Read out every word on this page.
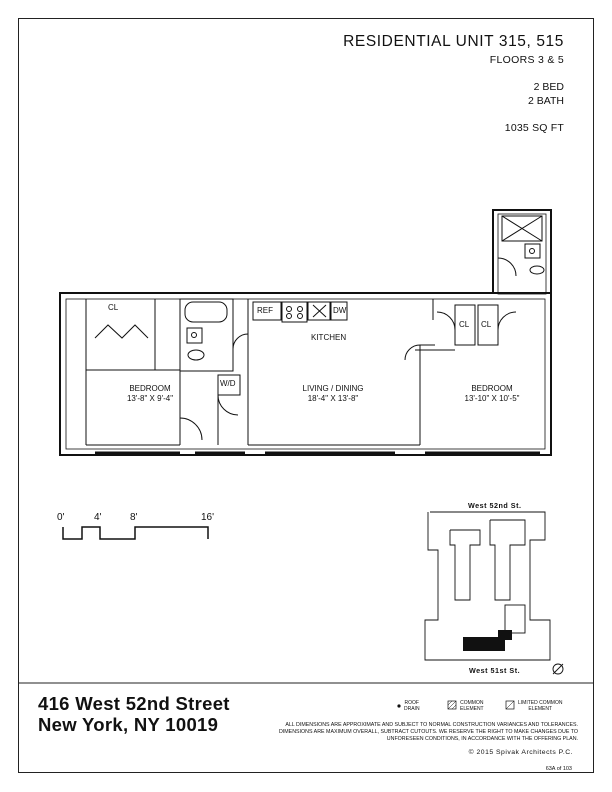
RESIDENTIAL UNIT 315, 515
FLOORS 3 & 5
2 BED
2 BATH
1035 SQ FT
CL
BEDROOM
13'-8" X 9'-4"
W/D
REF	DW
KITCHEN
LIVING / DINING
18'-4" X 13'-8"
CL CL
BEDROOM
13'-10" X 10'-5"
0'	4'	8'	16'
West 52nd St.
West 51st St.
416 West 52nd Street
New York, NY 10019
ROOF
DRAIN
COMMON
ELEMENT
LIMITED COMMON
ELEMENT
ALL DIMENSIONS ARE APPROXIMATE AND SUBJECT TO NORMAL CONSTRUCTION VARIANCES AND TOLERANCES. DIMENSIONS ARE MAXIMUM OVERALL, SUBTRACT CUTOUTS. WE RESERVE THE RIGHT TO MAKE CHANGES DUE TO UNFORESEEN CONDITIONS, IN ACCORDANCE WITH THE OFFERING PLAN.
© 2015 Spivak Architects P.C.
63A of 103
